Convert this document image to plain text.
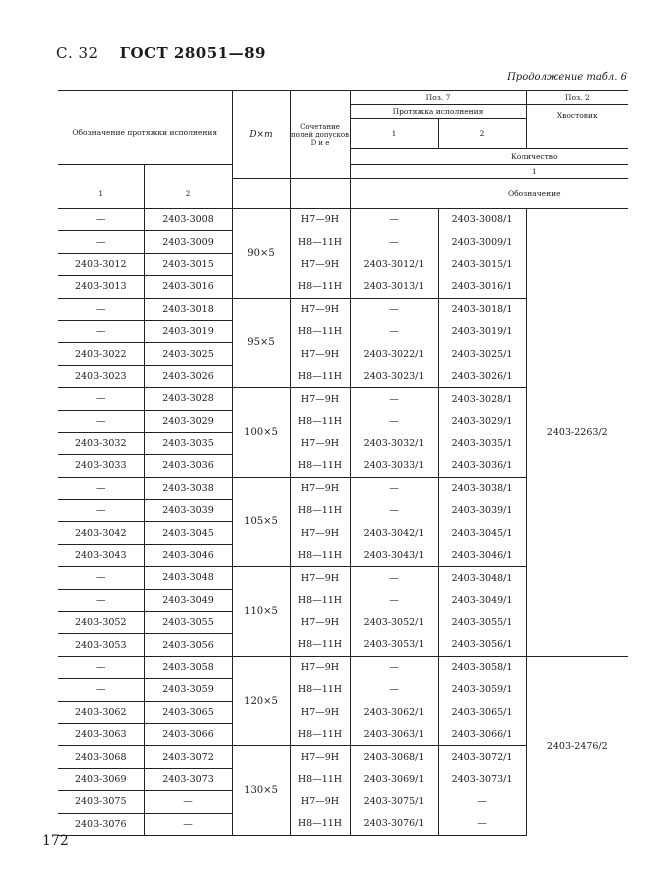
С. 32 ГОСТ 28051—89
Продолжение табл. 6
Обозначение протяжки исполнения		D×m	Сочетание полей допусков D и e	Поз. 7		Поз. 2
				Протяжка исполнения		Хвостовик
				1	2	
				Количество		
				1		
1	2			Обозначение		
—	2403-3008	90×5	H7—9H	—	2403-3008/1	2403-2263/2
—	2403-3009		H8—11H	—	2403-3009/1	
2403-3012	2403-3015		H7—9H	2403-3012/1	2403-3015/1	
2403-3013	2403-3016		H8—11H	2403-3013/1	2403-3016/1	
—	2403-3018	95×5	H7—9H	—	2403-3018/1	
—	2403-3019		H8—11H	—	2403-3019/1	
2403-3022	2403-3025		H7—9H	2403-3022/1	2403-3025/1	
2403-3023	2403-3026		H8—11H	2403-3023/1	2403-3026/1	
—	2403-3028	100×5	H7—9H	—	2403-3028/1	
—	2403-3029		H8—11H	—	2403-3029/1	
2403-3032	2403-3035		H7—9H	2403-3032/1	2403-3035/1	
2403-3033	2403-3036		H8—11H	2403-3033/1	2403-3036/1	
—	2403-3038	105×5	H7—9H	—	2403-3038/1	
—	2403-3039		H8—11H	—	2403-3039/1	
2403-3042	2403-3045		H7—9H	2403-3042/1	2403-3045/1	
2403-3043	2403-3046		H8—11H	2403-3043/1	2403-3046/1	
—	2403-3048	110×5	H7—9H	—	2403-3048/1	
—	2403-3049		H8—11H	—	2403-3049/1	
2403-3052	2403-3055		H7—9H	2403-3052/1	2403-3055/1	
2403-3053	2403-3056		H8—11H	2403-3053/1	2403-3056/1	
—	2403-3058	120×5	H7—9H	—	2403-3058/1	2403-2476/2
—	2403-3059		H8—11H	—	2403-3059/1	
2403-3062	2403-3065		H7—9H	2403-3062/1	2403-3065/1	
2403-3063	2403-3066		H8—11H	2403-3063/1	2403-3066/1	
2403-3068	2403-3072	130×5	H7—9H	2403-3068/1	2403-3072/1	
2403-3069	2403-3073		H8—11H	2403-3069/1	2403-3073/1	
2403-3075	—		H7—9H	2403-3075/1	—	
2403-3076	—		H8—11H	2403-3076/1	—	
172
